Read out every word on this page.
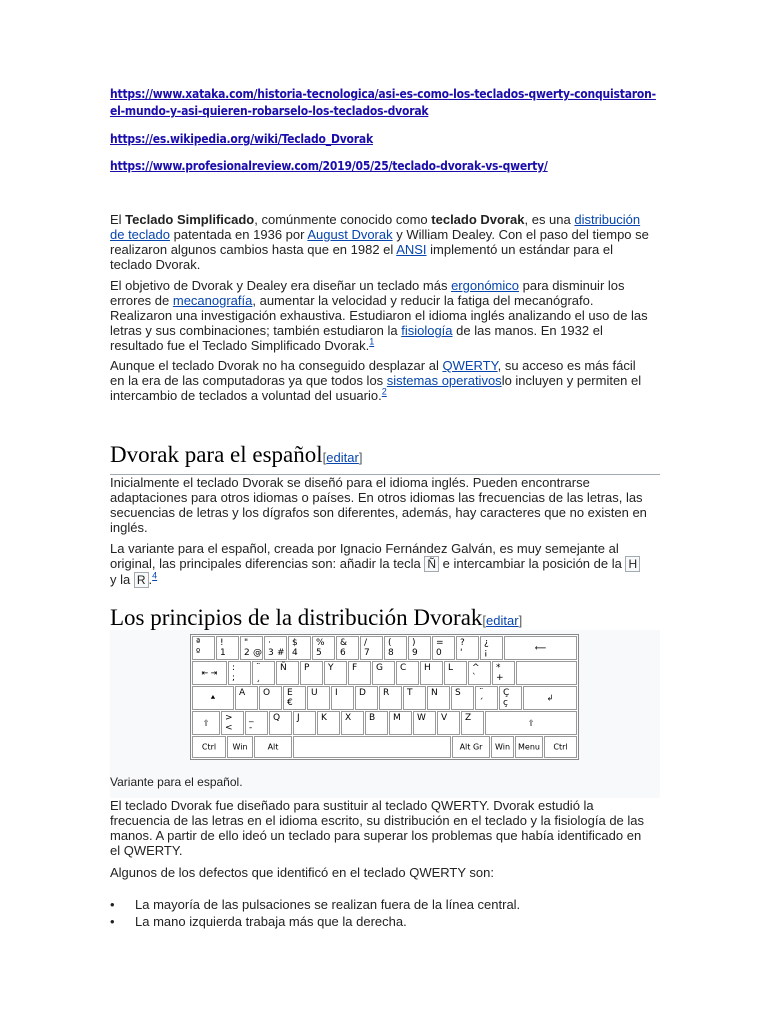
https://www.xataka.com/historia-tecnologica/asi-es-como-los-teclados-qwerty-conquistaron-
el-mundo-y-asi-quieren-robarselo-los-teclados-dvorak
https://es.wikipedia.org/wiki/Teclado_Dvorak
https://www.profesionalreview.com/2019/05/25/teclado-dvorak-vs-qwerty/

El Teclado Simplificado, comúnmente conocido como teclado Dvorak, es una distribución de teclado patentada en 1936 por August Dvorak y William Dealey. Con el paso del tiempo se realizaron algunos cambios hasta que en 1982 el ANSI implementó un estándar para el teclado Dvorak.

El objetivo de Dvorak y Dealey era diseñar un teclado más ergonómico para disminuir los errores de mecanografía, aumentar la velocidad y reducir la fatiga del mecanógrafo. Realizaron una investigación exhaustiva. Estudiaron el idioma inglés analizando el uso de las letras y sus combinaciones; también estudiaron la fisiología de las manos. En 1932 el resultado fue el Teclado Simplificado Dvorak.$^1$

Aunque el teclado Dvorak no ha conseguido desplazar al QWERTY, su acceso es más fácil en la era de las computadoras ya que todos los sistemas operativoslo incluyen y permiten el intercambio de teclados a voluntad del usuario.$^2$

Dvorak para el español[editar]

Inicialmente el teclado Dvorak se diseñó para el idioma inglés. Pueden encontrarse adaptaciones para otros idiomas o países. En otros idiomas las frecuencias de las letras, las secuencias de letras y los dígrafos son diferentes, además, hay caracteres que no existen en inglés.

La variante para el español, creada por Ignacio Fernández Galván, es muy semejante al original, las principales diferencias son: añadir la tecla Ñ e intercambiar la posición de la H y la R .$^4$

Los principios de la distribución Dvorak[editar]
ª
º
!
1
"
2 @
·
3 #
$
4
%
5
&
6
/
7
(
8
)
9
=
0
?
'
¿
¡	⟵
⇤ ⇥	:
;
¨
¸
Ñ P Y F G C H L ^
`
*
+
⯅	A O E
€
U I D R T N S ¨
´
Ç
ç	↲
⇧	>
<
_
-
Q J K X B M W V Z	⇧
Ctrl	Win	Alt	Alt Gr	Win	Menu	Ctrl
Variante para el español.

El teclado Dvorak fue diseñado para sustituir al teclado QWERTY. Dvorak estudió la frecuencia de las letras en el idioma escrito, su distribución en el teclado y la fisiología de las manos. A partir de ello ideó un teclado para superar los problemas que había identificado en el QWERTY.

Algunos de los defectos que identificó en el teclado QWERTY son:

• La mayoría de las pulsaciones se realizan fuera de la línea central.
• La mano izquierda trabaja más que la derecha.
